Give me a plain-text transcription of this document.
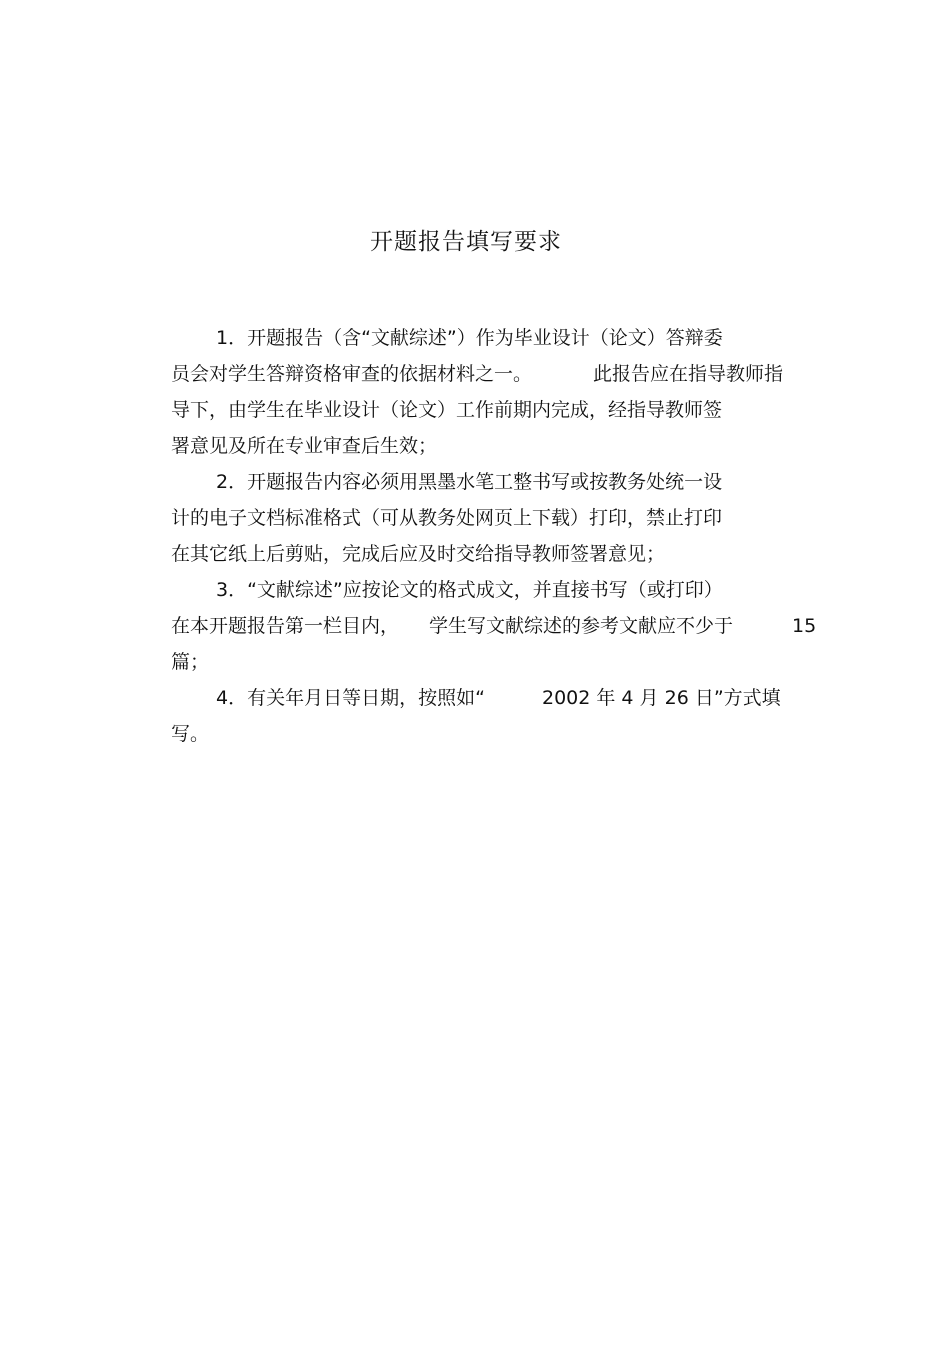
开题报告填写要求
1．开题报告（含“文献综述”）作为毕业设计（论文）答辩委
员会对学生答辩资格审查的依据材料之一。	此报告应在指导教师指
导下，由学生在毕业设计（论文）工作前期内完成，经指导教师签
署意见及所在专业审查后生效；
2．开题报告内容必须用黑墨水笔工整书写或按教务处统一设
计的电子文档标准格式（可从教务处网页上下载）打印，禁止打印
在其它纸上后剪贴，完成后应及时交给指导教师签署意见；
3．“文献综述”应按论文的格式成文，并直接书写（或打印）
在本开题报告第一栏目内， 学生写文献综述的参考文献应不少于	15
篇；
4．有关年月日等日期，按照如“	2002 年 4 月 26 日”方式填
写。
